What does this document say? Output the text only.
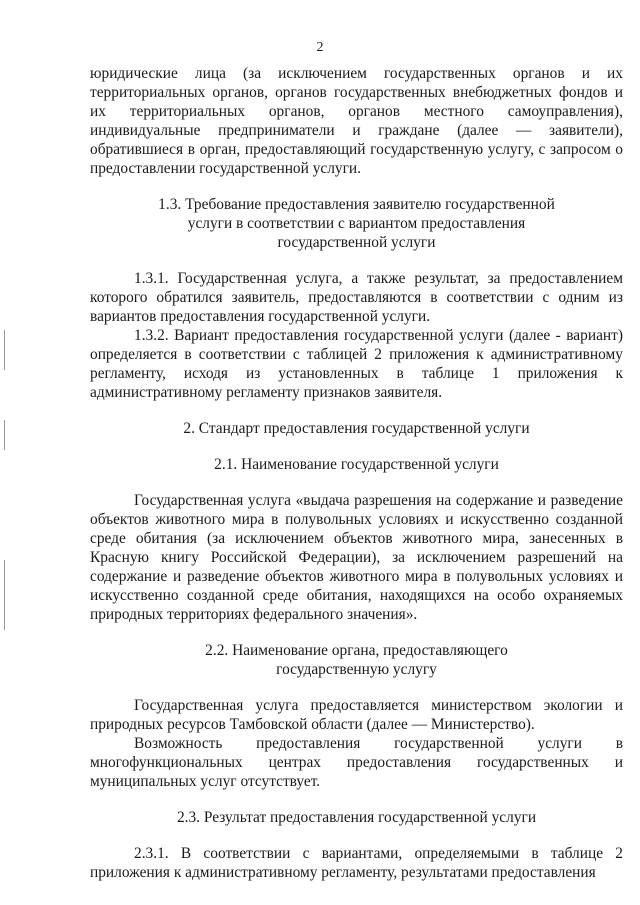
2

юридические лица (за исключением государственных органов и их территориальных органов, органов государственных внебюджетных фондов и их территориальных органов, органов местного самоуправления), индивидуальные предприниматели и граждане (далее — заявители), обратившиеся в орган, предоставляющий государственную услугу, с запросом о предоставлении государственной услуги.

1.3. Требование предоставления заявителю государственной
услуги в соответствии с вариантом предоставления
государственной услуги

1.3.1. Государственная услуга, а также результат, за предоставлением которого обратился заявитель, предоставляются в соответствии с одним из вариантов предоставления государственной услуги.

1.3.2. Вариант предоставления государственной услуги (далее - вариант) определяется в соответствии с таблицей 2 приложения к административному регламенту, исходя из установленных в таблице 1 приложения к административному регламенту признаков заявителя.

2. Стандарт предоставления государственной услуги
2.1. Наименование государственной услуги

Государственная услуга «выдача разрешения на содержание и разведение объектов животного мира в полувольных условиях и искусственно созданной среде обитания (за исключением объектов животного мира, занесенных в Красную книгу Российской Федерации), за исключением разрешений на содержание и разведение объектов животного мира в полувольных условиях и искусственно созданной среде обитания, находящихся на особо охраняемых природных территориях федерального значения».

2.2. Наименование органа, предоставляющего
государственную услугу

Государственная услуга предоставляется министерством экологии и природных ресурсов Тамбовской области (далее — Министерство).

Возможность предоставления государственной услуги в многофункциональных центрах предоставления государственных и муниципальных услуг отсутствует.

2.3. Результат предоставления государственной услуги

2.3.1. В соответствии с вариантами, определяемыми в таблице 2 приложения к административному регламенту, результатами предоставления
